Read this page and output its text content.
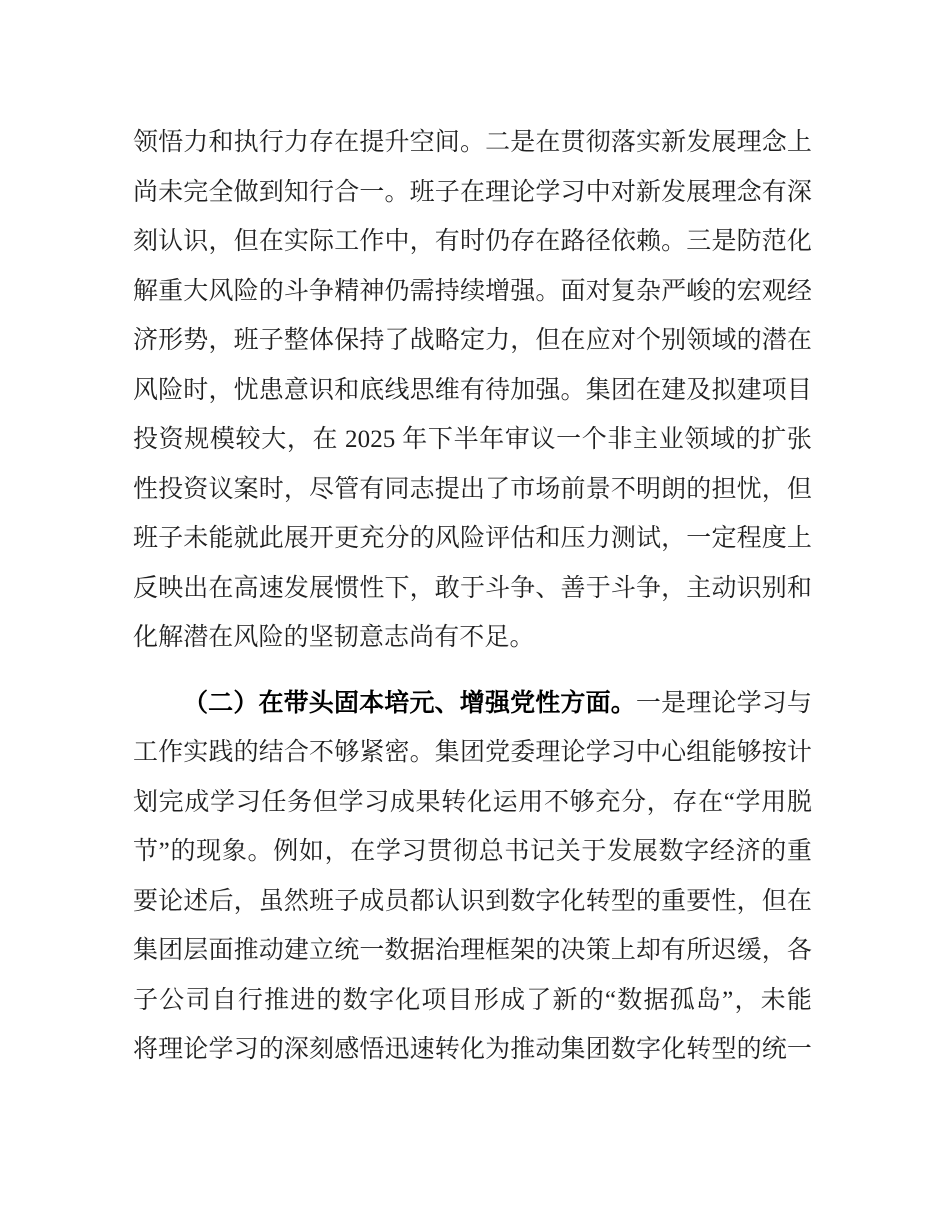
领悟力和执行力存在提升空间。二是在贯彻落实新发展理念上
尚未完全做到知行合一。班子在理论学习中对新发展理念有深
刻认识，但在实际工作中，有时仍存在路径依赖。三是防范化
解重大风险的斗争精神仍需持续增强。面对复杂严峻的宏观经
济形势，班子整体保持了战略定力，但在应对个别领域的潜在
风险时，忧患意识和底线思维有待加强。集团在建及拟建项目
投资规模较大，在 2025 年下半年审议一个非主业领域的扩张
性投资议案时，尽管有同志提出了市场前景不明朗的担忧，但
班子未能就此展开更充分的风险评估和压力测试，一定程度上
反映出在高速发展惯性下，敢于斗争、善于斗争，主动识别和
化解潜在风险的坚韧意志尚有不足。
（二）在带头固本培元、增强党性方面。一是理论学习与
工作实践的结合不够紧密。集团党委理论学习中心组能够按计
划完成学习任务但学习成果转化运用不够充分，存在“学用脱
节”的现象。例如，在学习贯彻总书记关于发展数字经济的重
要论述后，虽然班子成员都认识到数字化转型的重要性，但在
集团层面推动建立统一数据治理框架的决策上却有所迟缓，各
子公司自行推进的数字化项目形成了新的“数据孤岛”，未能
将理论学习的深刻感悟迅速转化为推动集团数字化转型的统一
